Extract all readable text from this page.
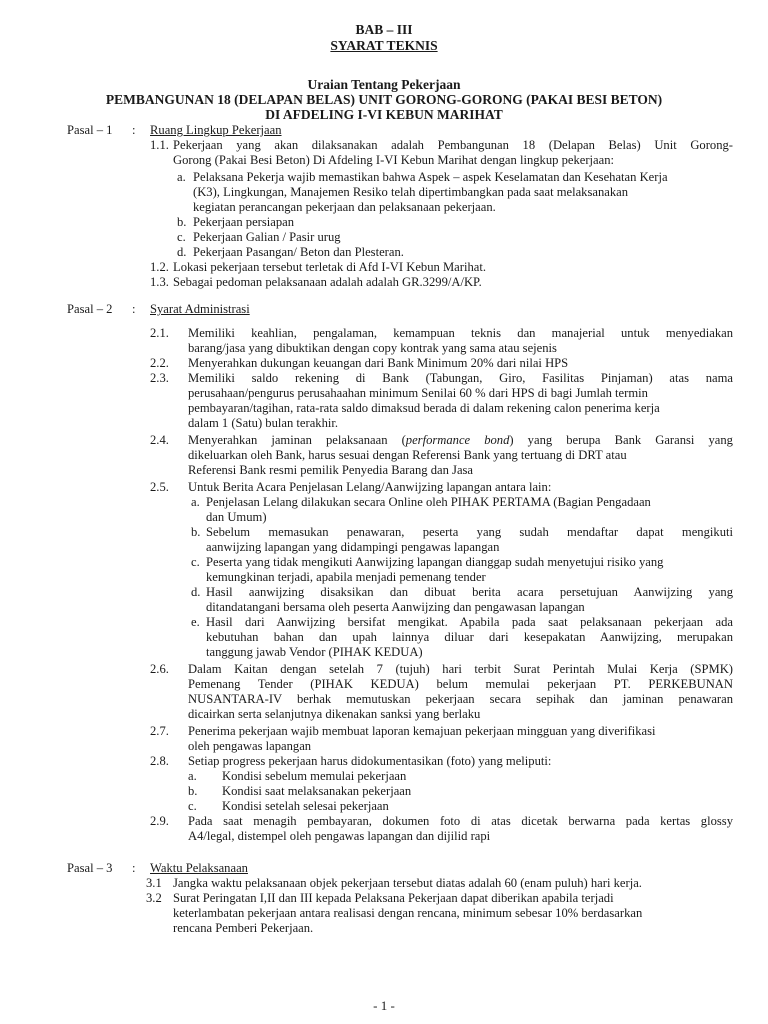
BAB – III
SYARAT TEKNIS
Uraian Tentang Pekerjaan
PEMBANGUNAN 18 (DELAPAN BELAS) UNIT GORONG-GORONG (PAKAI BESI BETON)
DI AFDELING I-VI KEBUN MARIHAT
Pasal – 1 : Ruang Lingkup Pekerjaan
1.1. Pekerjaan yang akan dilaksanakan adalah Pembangunan 18 (Delapan Belas) Unit Gorong-
Gorong (Pakai Besi Beton) Di Afdeling I-VI Kebun Marihat dengan lingkup pekerjaan:
a. Pelaksana Pekerja wajib memastikan bahwa Aspek – aspek Keselamatan dan Kesehatan Kerja
(K3), Lingkungan, Manajemen Resiko telah dipertimbangkan pada saat melaksanakan
kegiatan perancangan pekerjaan dan pelaksanaan pekerjaan.
b. Pekerjaan persiapan
c. Pekerjaan Galian / Pasir urug
d. Pekerjaan Pasangan/ Beton dan Plesteran.
1.2. Lokasi pekerjaan tersebut terletak di Afd I-VI Kebun Marihat.
1.3. Sebagai pedoman pelaksanaan adalah adalah GR.3299/A/KP.
Pasal – 2 : Syarat Administrasi
2.1. Memiliki keahlian, pengalaman, kemampuan teknis dan manajerial untuk menyediakan
barang/jasa yang dibuktikan dengan copy kontrak yang sama atau sejenis
2.2. Menyerahkan dukungan keuangan dari Bank Minimum 20% dari nilai HPS
2.3. Memiliki saldo rekening di Bank (Tabungan, Giro, Fasilitas Pinjaman) atas nama
perusahaan/pengurus perusahaahan minimum Senilai 60 % dari HPS di bagi Jumlah termin
pembayaran/tagihan, rata-rata saldo dimaksud berada di dalam rekening calon penerima kerja
dalam 1 (Satu) bulan terakhir.
2.4. Menyerahkan jaminan pelaksanaan (performance bond) yang berupa Bank Garansi yang
dikeluarkan oleh Bank, harus sesuai dengan Referensi Bank yang tertuang di DRT atau
Referensi Bank resmi pemilik Penyedia Barang dan Jasa
2.5. Untuk Berita Acara Penjelasan Lelang/Aanwijzing lapangan antara lain:
a. Penjelasan Lelang dilakukan secara Online oleh PIHAK PERTAMA (Bagian Pengadaan
dan Umum)
b. Sebelum memasukan penawaran, peserta yang sudah mendaftar dapat mengikuti
aanwijzing lapangan yang didampingi pengawas lapangan
c. Peserta yang tidak mengikuti Aanwijzing lapangan dianggap sudah menyetujui risiko yang
kemungkinan terjadi, apabila menjadi pemenang tender
d. Hasil aanwijzing disaksikan dan dibuat berita acara persetujuan Aanwijzing yang
ditandatangani bersama oleh peserta Aanwijzing dan pengawasan lapangan
e. Hasil dari Aanwijzing bersifat mengikat. Apabila pada saat pelaksanaan pekerjaan ada
kebutuhan bahan dan upah lainnya diluar dari kesepakatan Aanwijzing, merupakan
tanggung jawab Vendor (PIHAK KEDUA)
2.6. Dalam Kaitan dengan setelah 7 (tujuh) hari terbit Surat Perintah Mulai Kerja (SPMK)
Pemenang Tender (PIHAK KEDUA) belum memulai pekerjaan PT. PERKEBUNAN
NUSANTARA-IV berhak memutuskan pekerjaan secara sepihak dan jaminan penawaran
dicairkan serta selanjutnya dikenakan sanksi yang berlaku
2.7. Penerima pekerjaan wajib membuat laporan kemajuan pekerjaan mingguan yang diverifikasi
oleh pengawas lapangan
2.8. Setiap progress pekerjaan harus didokumentasikan (foto) yang meliputi:
a. Kondisi sebelum memulai pekerjaan
b. Kondisi saat melaksanakan pekerjaan
c. Kondisi setelah selesai pekerjaan
2.9. Pada saat menagih pembayaran, dokumen foto di atas dicetak berwarna pada kertas glossy
A4/legal, distempel oleh pengawas lapangan dan dijilid rapi
Pasal – 3 : Waktu Pelaksanaan
3.1 Jangka waktu pelaksanaan objek pekerjaan tersebut diatas adalah 60 (enam puluh) hari kerja.
3.2 Surat Peringatan I,II dan III kepada Pelaksana Pekerjaan dapat diberikan apabila terjadi
keterlambatan pekerjaan antara realisasi dengan rencana, minimum sebesar 10% berdasarkan
rencana Pemberi Pekerjaan.
- 1 -
